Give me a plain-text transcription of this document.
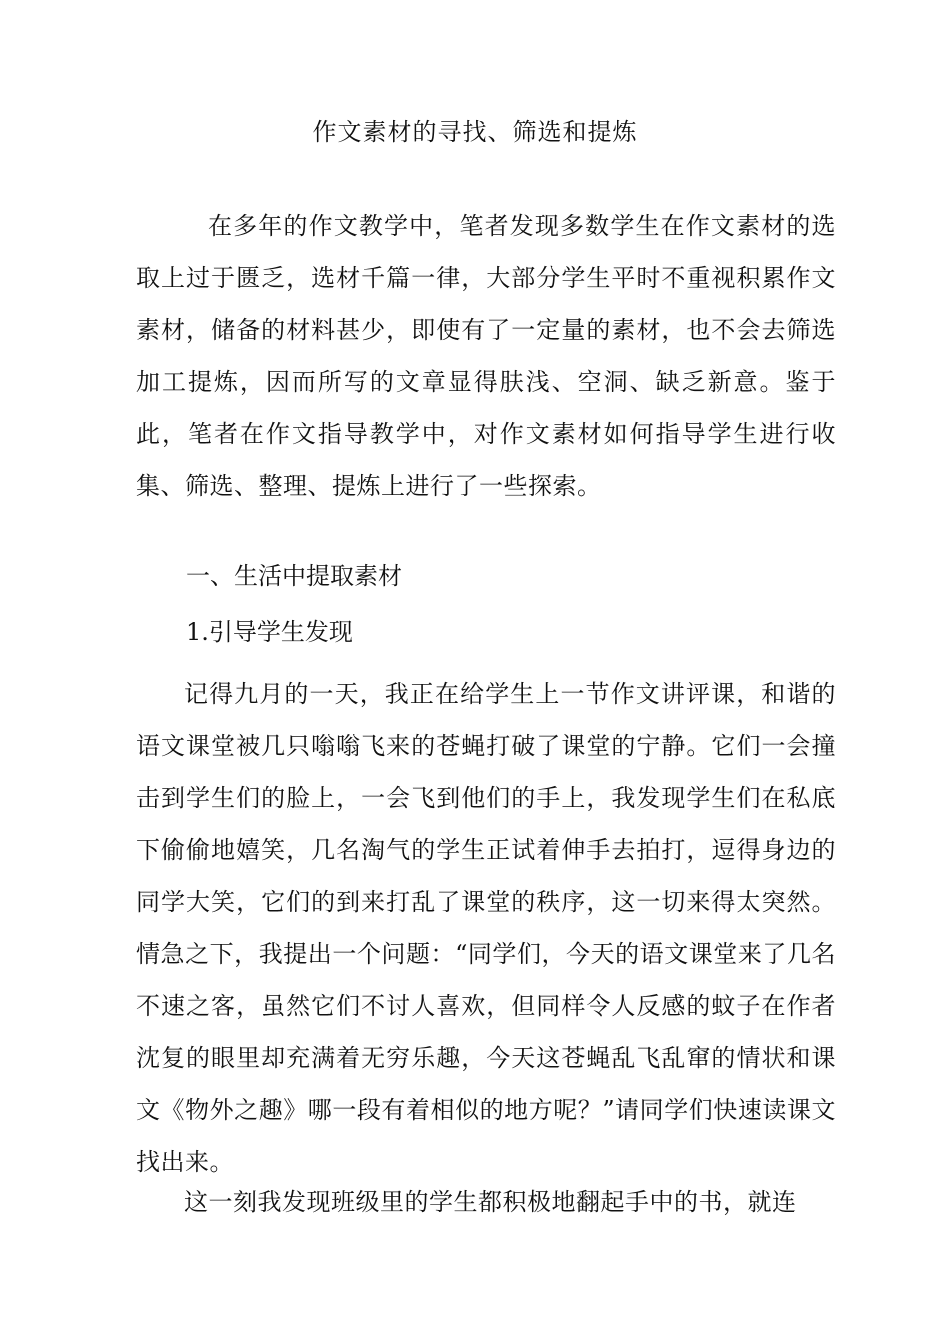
作文素材的寻找、筛选和提炼

在多年的作文教学中，笔者发现多数学生在作文素材的选取上过于匮乏，选材千篇一律，大部分学生平时不重视积累作文素材，储备的材料甚少，即使有了一定量的素材，也不会去筛选加工提炼，因而所写的文章显得肤浅、空洞、缺乏新意。鉴于此，笔者在作文指导教学中，对作文素材如何指导学生进行收集、筛选、整理、提炼上进行了一些探索。

一、生活中提取素材

1.引导学生发现

记得九月的一天，我正在给学生上一节作文讲评课，和谐的语文课堂被几只嗡嗡飞来的苍蝇打破了课堂的宁静。它们一会撞击到学生们的脸上，一会飞到他们的手上，我发现学生们在私底下偷偷地嬉笑，几名淘气的学生正试着伸手去拍打，逗得身边的同学大笑，它们的到来打乱了课堂的秩序，这一切来得太突然。情急之下，我提出一个问题：“同学们，今天的语文课堂来了几名不速之客，虽然它们不讨人喜欢，但同样令人反感的蚊子在作者沈复的眼里却充满着无穷乐趣，今天这苍蝇乱飞乱窜的情状和课文《物外之趣》哪一段有着相似的地方呢？”请同学们快速读课文找出来。

这一刻我发现班级里的学生都积极地翻起手中的书，就连
